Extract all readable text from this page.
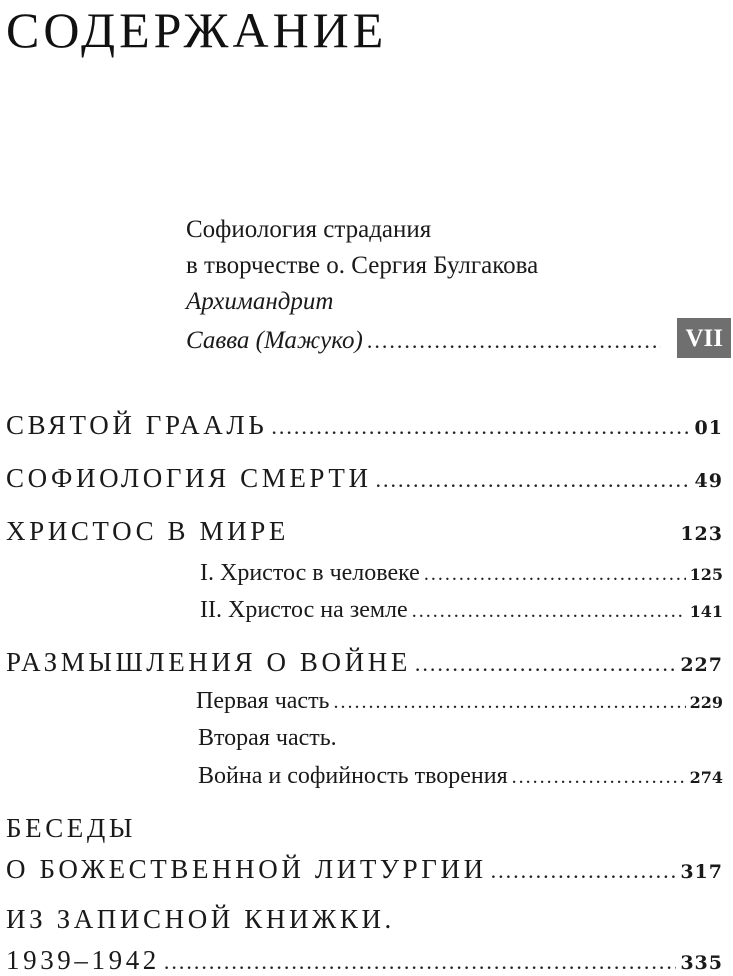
СОДЕРЖАНИЕ
Софиология страдания
в творчестве о. Сергия Булгакова
Архимандрит
Савва (Мажуко) .....	VII
СВЯТОЙ ГРААЛЬ .....	01
СОФИОЛОГИЯ СМЕРТИ .....	49
ХРИСТОС В МИРЕ	123
I. Христос в человеке .....	125
II. Христос на земле .....	141
РАЗМЫШЛЕНИЯ О ВОЙНЕ .....	227
Первая часть .....	229
Вторая часть.
Война и софийность творения .....	274
БЕСЕДЫ
О БОЖЕСТВЕННОЙ ЛИТУРГИИ .....	317
ИЗ ЗАПИСНОЙ КНИЖКИ.
1939–1942 .....	335
